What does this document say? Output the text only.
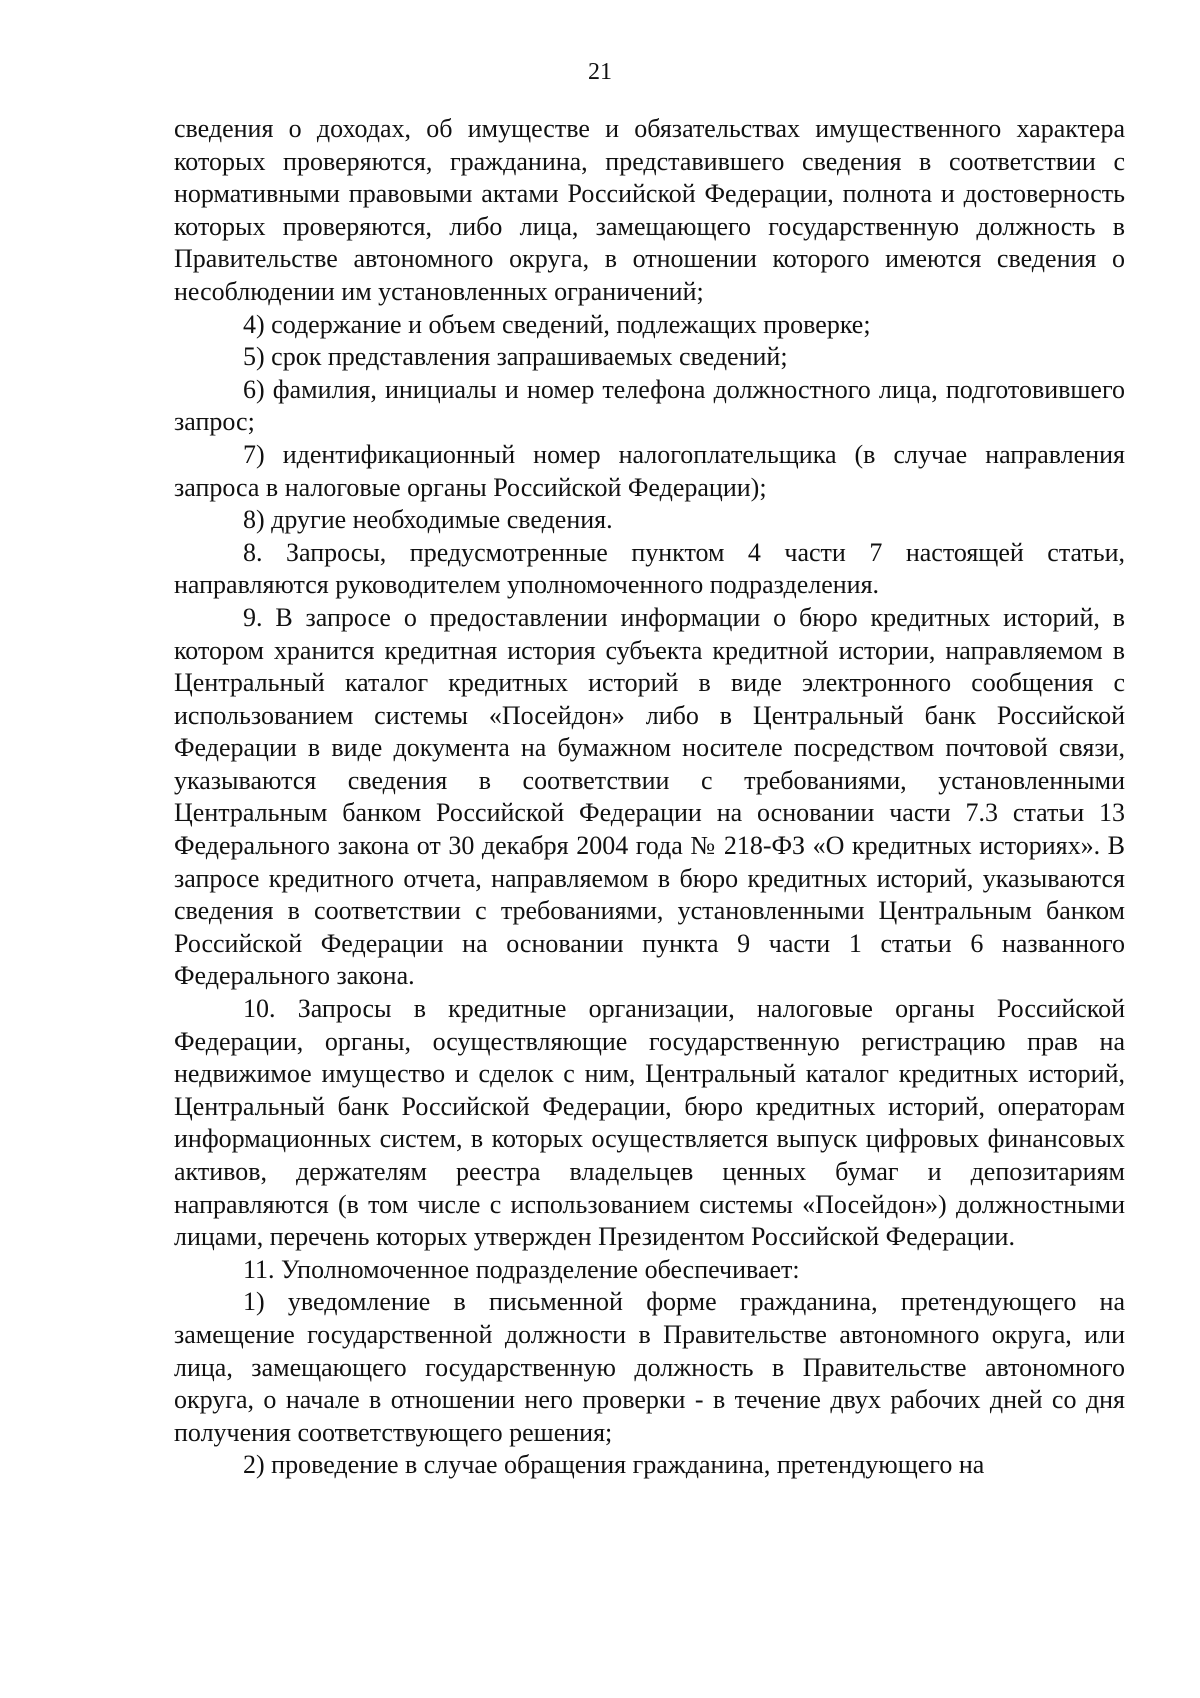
21

сведения о доходах, об имуществе и обязательствах имущественного характера которых проверяются, гражданина, представившего сведения в соответствии с нормативными правовыми актами Российской Федерации, полнота и достоверность которых проверяются, либо лица, замещающего государственную должность в Правительстве автономного округа, в отношении которого имеются сведения о несоблюдении им установленных ограничений;

4) содержание и объем сведений, подлежащих проверке;

5) срок представления запрашиваемых сведений;

6) фамилия, инициалы и номер телефона должностного лица, подготовившего запрос;

7) идентификационный номер налогоплательщика (в случае направления запроса в налоговые органы Российской Федерации);

8) другие необходимые сведения.

8. Запросы, предусмотренные пунктом 4 части 7 настоящей статьи, направляются руководителем уполномоченного подразделения.

9. В запросе о предоставлении информации о бюро кредитных историй, в котором хранится кредитная история субъекта кредитной истории, направляемом в Центральный каталог кредитных историй в виде электронного сообщения с использованием системы «Посейдон» либо в Центральный банк Российской Федерации в виде документа на бумажном носителе посредством почтовой связи, указываются сведения в соответствии с требованиями, установленными Центральным банком Российской Федерации на основании части 7.3 статьи 13 Федерального закона от 30 декабря 2004 года № 218-ФЗ «О кредитных историях». В запросе кредитного отчета, направляемом в бюро кредитных историй, указываются сведения в соответствии с требованиями, установленными Центральным банком Российской Федерации на основании пункта 9 части 1 статьи 6 названного Федерального закона.

10. Запросы в кредитные организации, налоговые органы Российской Федерации, органы, осуществляющие государственную регистрацию прав на недвижимое имущество и сделок с ним, Центральный каталог кредитных историй, Центральный банк Российской Федерации, бюро кредитных историй, операторам информационных систем, в которых осуществляется выпуск цифровых финансовых активов, держателям реестра владельцев ценных бумаг и депозитариям направляются (в том числе с использованием системы «Посейдон») должностными лицами, перечень которых утвержден Президентом Российской Федерации.

11. Уполномоченное подразделение обеспечивает:

1) уведомление в письменной форме гражданина, претендующего на замещение государственной должности в Правительстве автономного округа, или лица, замещающего государственную должность в Правительстве автономного округа, о начале в отношении него проверки - в течение двух рабочих дней со дня получения соответствующего решения;

2) проведение в случае обращения гражданина, претендующего на
